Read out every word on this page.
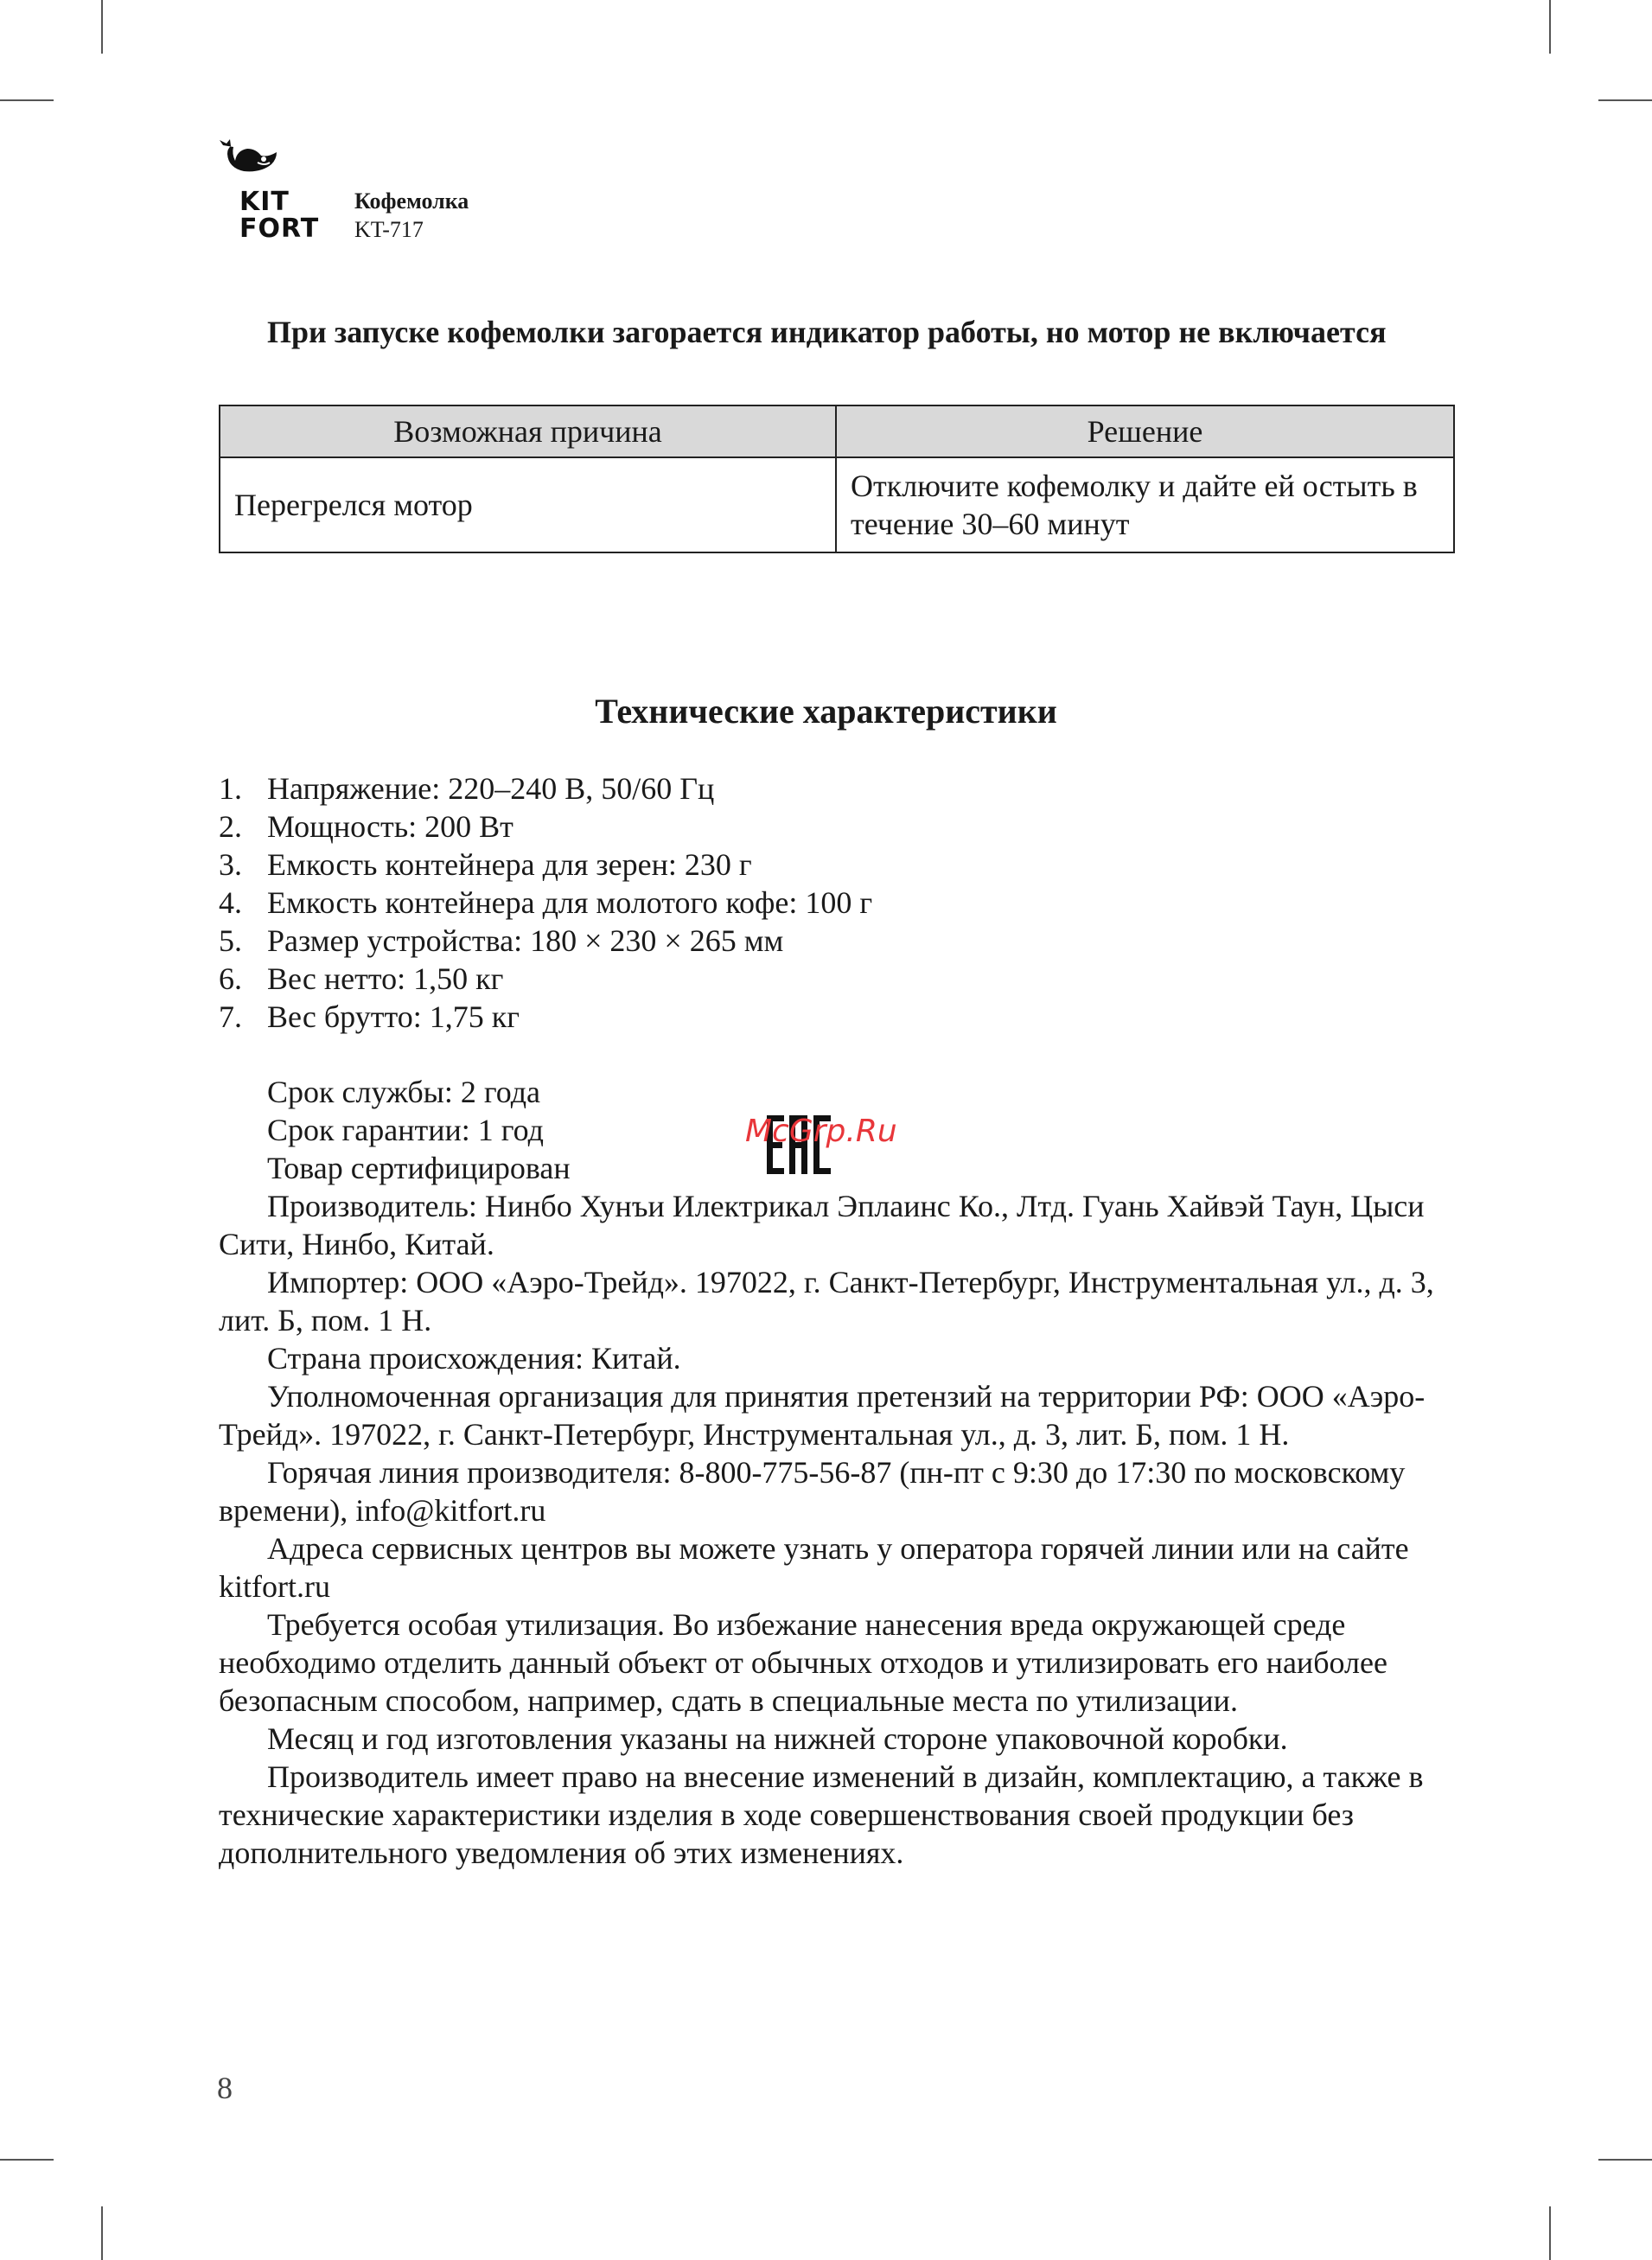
KIT
FORT
Кофемолка
KT-717
При запуске кофемолки загорается индикатор работы, но мотор не включается
Возможная причина	Решение
Перегрелся мотор	Отключите кофемолку и дайте ей остыть в течение 30–60 минут
Технические характеристики
1. Напряжение: 220–240 В, 50/60 Гц
2. Мощность: 200 Вт
3. Емкость контейнера для зерен: 230 г
4. Емкость контейнера для молотого кофе: 100 г
5. Размер устройства: 180 × 230 × 265 мм
6. Вес нетто: 1,50 кг
7. Вес брутто: 1,75 кг

Срок службы: 2 года

Срок гарантии: 1 год

Товар сертифицирован

Производитель: Нинбо Хунъи Илектрикал Эплаинс Ко., Лтд. Гуань Хайвэй Таун, Цыси Сити, Нинбо, Китай.

Импортер: ООО «Аэро-Трейд». 197022, г. Санкт-Петербург, Инструментальная ул., д. 3, лит. Б, пом. 1 Н.

Страна происхождения: Китай.

Уполномоченная организация для принятия претензий на территории РФ: ООО «Аэро-Трейд». 197022, г. Санкт-Петербург, Инструментальная ул., д. 3, лит. Б, пом. 1 Н.

Горячая линия производителя: 8-800-775-56-87 (пн-пт с 9:30 до 17:30 по московскому времени), info@kitfort.ru

Адреса сервисных центров вы можете узнать у оператора горячей линии или на сайте kitfort.ru

Требуется особая утилизация. Во избежание нанесения вреда окружающей среде необходимо отделить данный объект от обычных отходов и утилизировать его наиболее безопасным способом, например, сдать в специальные места по утилизации.

Месяц и год изготовления указаны на нижней стороне упаковочной коробки.

Производитель имеет право на внесение изменений в дизайн, комплектацию, а также в технические характеристики изделия в ходе совершенствования своей продукции без дополнительного уведомления об этих изменениях.

McGrp.Ru
8
